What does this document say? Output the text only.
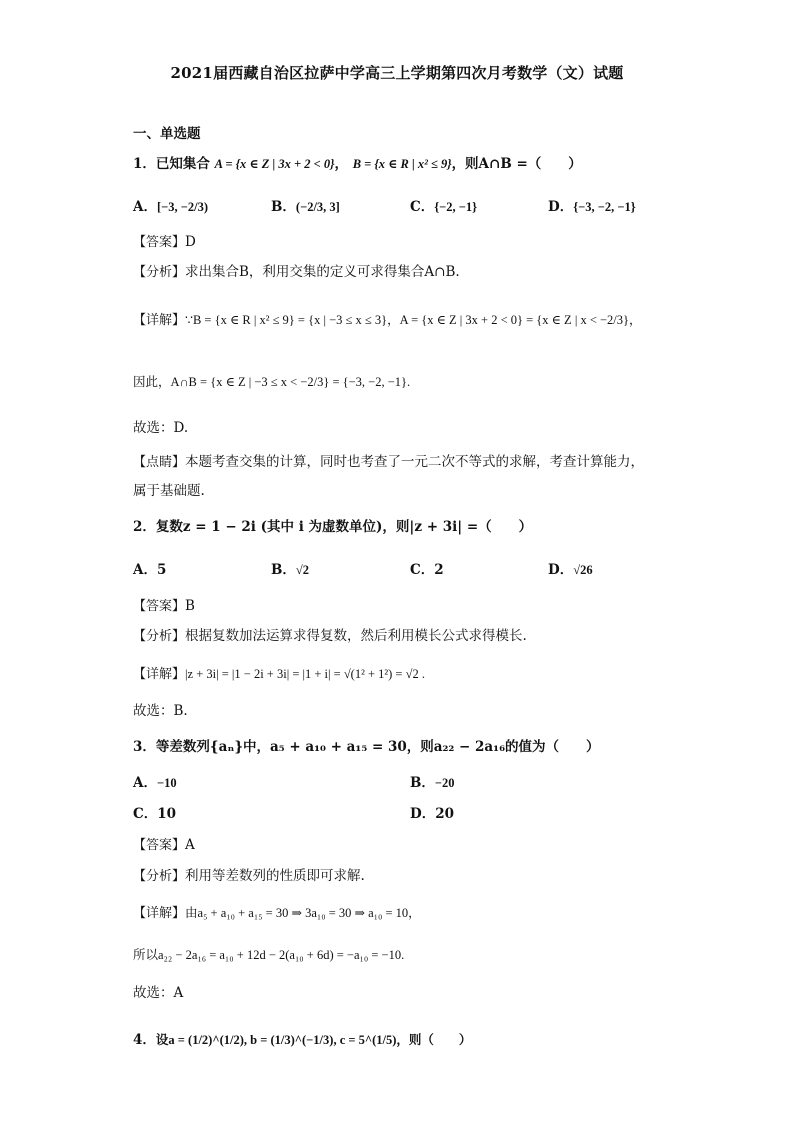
2021届西藏自治区拉萨中学高三上学期第四次月考数学（文）试题
一、单选题
1．已知集合 A = {x ∈ Z | 3x + 2 < 0}， B = {x ∈ R | x² ≤ 9}，则A∩B =（　　）
A．[−3, −2/3)	B．(−2/3, 3]	C．{−2, −1}	D．{−3, −2, −1}
【答案】D
【分析】求出集合B，利用交集的定义可求得集合A∩B.
【详解】∵B = {x ∈ R | x² ≤ 9} = {x | −3 ≤ x ≤ 3}，A = {x ∈ Z | 3x + 2 < 0} = {x ∈ Z | x < −2/3}，
因此，A∩B = {x ∈ Z | −3 ≤ x < −2/3} = {−3, −2, −1}.
故选：D.
【点睛】本题考查交集的计算，同时也考查了一元二次不等式的求解，考查计算能力，
属于基础题.
2．复数z = 1 − 2i (其中 i 为虚数单位)，则|z + 3i| =（　　）
A．5	B．√2	C．2	D．√26
【答案】B
【分析】根据复数加法运算求得复数，然后利用模长公式求得模长.
【详解】|z + 3i| = |1 − 2i + 3i| = |1 + i| = √(1² + 1²) = √2 .
故选：B.
3．等差数列{aₙ}中，a₅ + a₁₀ + a₁₅ = 30，则a₂₂ − 2a₁₆的值为（　　）
A．−10	B．−20
C．10	D．20
【答案】A
【分析】利用等差数列的性质即可求解.
【详解】由a₅ + a₁₀ + a₁₅ = 30 ⇒ 3a₁₀ = 30 ⇒ a₁₀ = 10，
所以a₂₂ − 2a₁₆ = a₁₀ + 12d − 2(a₁₀ + 6d) = −a₁₀ = −10.
故选：A
4．设a = (1/2)^(1/2), b = (1/3)^(−1/3), c = 5^(1/5)，则（　　）
